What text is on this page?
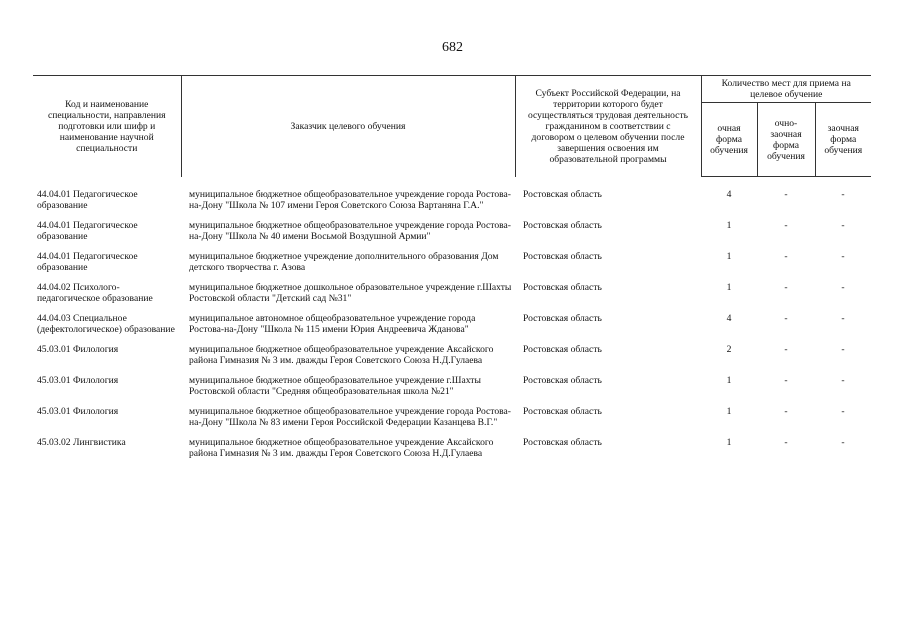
682
Код и наименование специальности, направления подготовки или шифр и наименование научной специальности	Заказчик целевого обучения	Субъект Российской Федерации, на территории которого будет осуществляться трудовая деятельность гражданином в соответствии с договором о целевом обучении после завершения освоения им образовательной программы	Количество мест для приема на целевое обучение		
			очная форма обучения	очно-заочная форма обучения	заочная форма обучения
44.04.01 Педагогическое образование	муниципальное бюджетное общеобразовательное учреждение города Ростова-на-Дону "Школа № 107 имени Героя Советского Союза Вартаняна Г.А."	Ростовская область	4	-	-
44.04.01 Педагогическое образование	муниципальное бюджетное общеобразовательное учреждение города Ростова-на-Дону "Школа № 40 имени Восьмой Воздушной Армии"	Ростовская область	1	-	-
44.04.01 Педагогическое образование	муниципальное бюджетное учреждение дополнительного образования Дом детского творчества г. Азова	Ростовская область	1	-	-
44.04.02 Психолого-педагогическое образование	муниципальное бюджетное дошкольное образовательное учреждение г.Шахты Ростовской области "Детский сад №31"	Ростовская область	1	-	-
44.04.03 Специальное (дефектологическое) образование	муниципальное автономное общеобразовательное учреждение города Ростова-на-Дону "Школа № 115 имени Юрия Андреевича Жданова"	Ростовская область	4	-	-
45.03.01 Филология	муниципальное бюджетное общеобразовательное учреждение Аксайского района Гимназия № 3 им. дважды Героя Советского Союза Н.Д.Гулаева	Ростовская область	2	-	-
45.03.01 Филология	муниципальное бюджетное общеобразовательное учреждение г.Шахты Ростовской области "Средняя общеобразовательная школа №21"	Ростовская область	1	-	-
45.03.01 Филология	муниципальное бюджетное общеобразовательное учреждение города Ростова-на-Дону "Школа № 83 имени Героя Российской Федерации Казанцева В.Г."	Ростовская область	1	-	-
45.03.02 Лингвистика	муниципальное бюджетное общеобразовательное учреждение Аксайского района Гимназия № 3 им. дважды Героя Советского Союза Н.Д.Гулаева	Ростовская область	1	-	-
